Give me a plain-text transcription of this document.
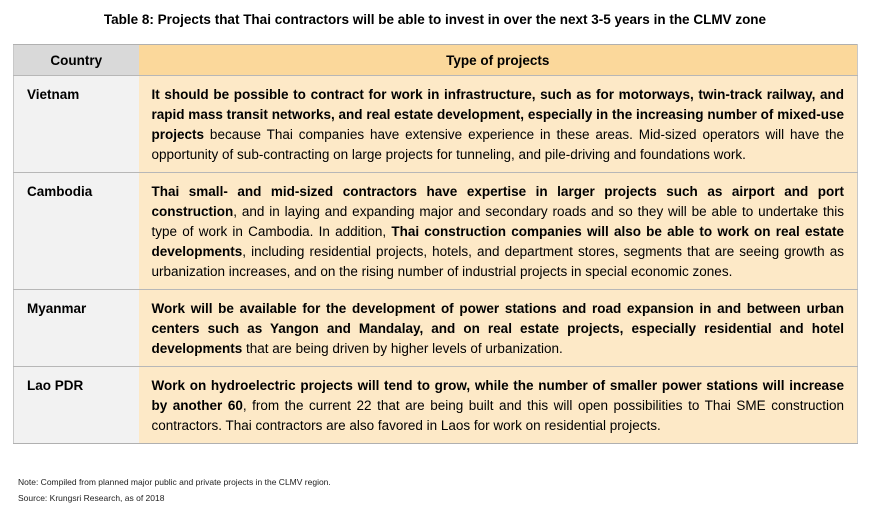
Table 8: Projects that Thai contractors will be able to invest in over the next 3-5 years in the CLMV zone
Country	Type of projects
Vietnam	It should be possible to contract for work in infrastructure, such as for motorways, twin-track railway, and rapid mass transit networks, and real estate development, especially in the increasing number of mixed-use projects because Thai companies have extensive experience in these areas. Mid-sized operators will have the opportunity of sub-contracting on large projects for tunneling, and pile-driving and foundations work.
Cambodia	Thai small- and mid-sized contractors have expertise in larger projects such as airport and port construction, and in laying and expanding major and secondary roads and so they will be able to undertake this type of work in Cambodia. In addition, Thai construction companies will also be able to work on real estate developments, including residential projects, hotels, and department stores, segments that are seeing growth as urbanization increases, and on the rising number of industrial projects in special economic zones.
Myanmar	Work will be available for the development of power stations and road expansion in and between urban centers such as Yangon and Mandalay, and on real estate projects, especially residential and hotel developments that are being driven by higher levels of urbanization.
Lao PDR	Work on hydroelectric projects will tend to grow, while the number of smaller power stations will increase by another 60, from the current 22 that are being built and this will open possibilities to Thai SME construction contractors. Thai contractors are also favored in Laos for work on residential projects.
Note: Compiled from planned major public and private projects in the CLMV region.
Source: Krungsri Research, as of 2018
